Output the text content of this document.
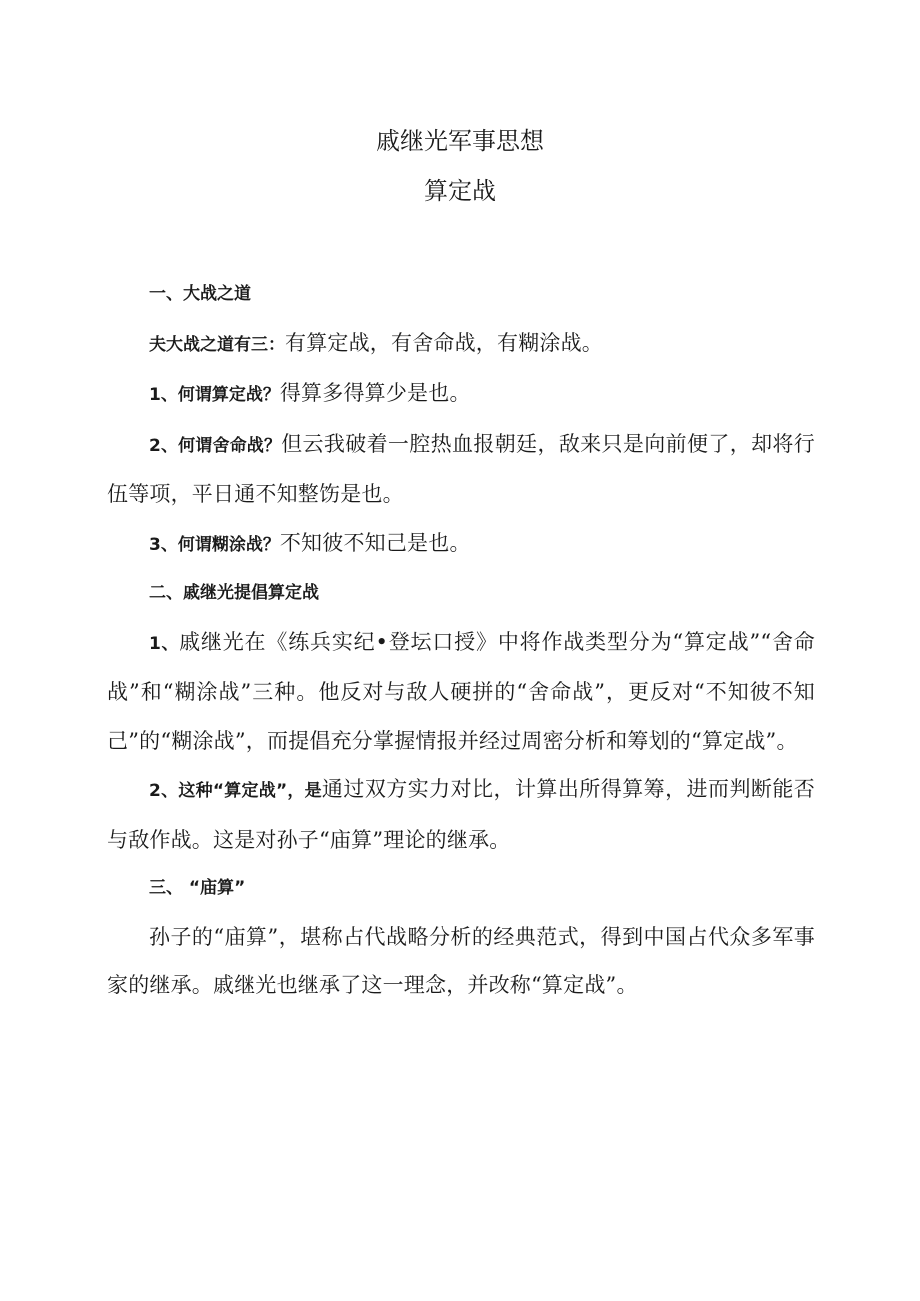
戚继光军事思想
算定战

一、大战之道

夫大战之道有三：有算定战，有舍命战，有糊涂战。

1、何谓算定战？得算多得算少是也。

2、何谓舍命战？但云我破着一腔热血报朝廷，敌来只是向前便了，却将行伍等项，平日通不知整饬是也。

3、何谓糊涂战？不知彼不知己是也。

二、戚继光提倡算定战

1、戚继光在《练兵实纪•登坛口授》中将作战类型分为“算定战”“舍命战”和“糊涂战”三种。他反对与敌人硬拼的“舍命战”，更反对“不知彼不知己”的“糊涂战”，而提倡充分掌握情报并经过周密分析和筹划的“算定战”。

2、这种“算定战”，是通过双方实力对比，计算出所得算筹，进而判断能否与敌作战。这是对孙子“庙算”理论的继承。

三、 “庙算”

孙子的“庙算”，堪称占代战略分析的经典范式，得到中国占代众多军事家的继承。戚继光也继承了这一理念，并改称“算定战”。
